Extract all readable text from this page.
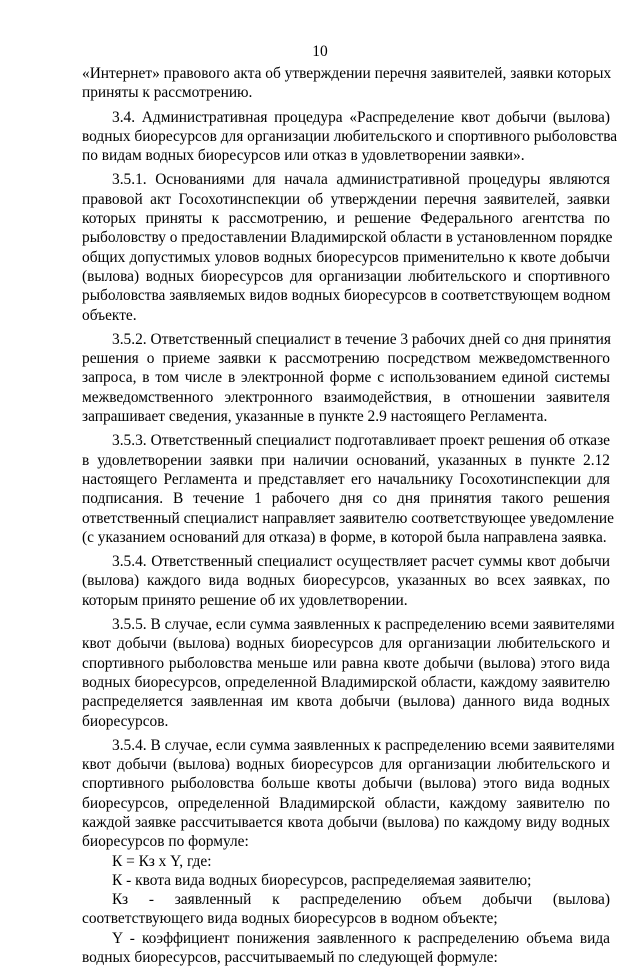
10
«Интернет» правового акта об утверждении перечня заявителей, заявки которых
приняты к рассмотрению.
3.4. Административная процедура «Распределение квот добычи (вылова)
водных биоресурсов для организации любительского и спортивного рыболовства
по видам водных биоресурсов или отказ в удовлетворении заявки».
3.5.1. Основаниями для начала административной процедуры являются
правовой акт Госохотинспекции об утверждении перечня заявителей, заявки
которых приняты к рассмотрению, и решение Федерального агентства по
рыболовству о предоставлении Владимирской области в установленном порядке
общих допустимых уловов водных биоресурсов применительно к квоте добычи
(вылова) водных биоресурсов для организации любительского и спортивного
рыболовства заявляемых видов водных биоресурсов в соответствующем водном
объекте.
3.5.2. Ответственный специалист в течение 3 рабочих дней со дня принятия
решения о приеме заявки к рассмотрению посредством межведомственного
запроса, в том числе в электронной форме с использованием единой системы
межведомственного электронного взаимодействия, в отношении заявителя
запрашивает сведения, указанные в пункте 2.9 настоящего Регламента.
3.5.3. Ответственный специалист подготавливает проект решения об отказе
в удовлетворении заявки при наличии оснований, указанных в пункте 2.12
настоящего Регламента и представляет его начальнику Госохотинспекции для
подписания. В течение 1 рабочего дня со дня принятия такого решения
ответственный специалист направляет заявителю соответствующее уведомление
(с указанием оснований для отказа) в форме, в которой была направлена заявка.
3.5.4. Ответственный специалист осуществляет расчет суммы квот добычи
(вылова) каждого вида водных биоресурсов, указанных во всех заявках, по
которым принято решение об их удовлетворении.
3.5.5. В случае, если сумма заявленных к распределению всеми заявителями
квот добычи (вылова) водных биоресурсов для организации любительского и
спортивного рыболовства меньше или равна квоте добычи (вылова) этого вида
водных биоресурсов, определенной Владимирской области, каждому заявителю
распределяется заявленная им квота добычи (вылова) данного вида водных
биоресурсов.
3.5.4. В случае, если сумма заявленных к распределению всеми заявителями
квот добычи (вылова) водных биоресурсов для организации любительского и
спортивного рыболовства больше квоты добычи (вылова) этого вида водных
биоресурсов, определенной Владимирской области, каждому заявителю по
каждой заявке рассчитывается квота добычи (вылова) по каждому виду водных
биоресурсов по формуле:
К = Кз х Y, где:
К - квота вида водных биоресурсов, распределяемая заявителю;
Кз - заявленный к распределению объем добычи (вылова)
соответствующего вида водных биоресурсов в водном объекте;
Y - коэффициент понижения заявленного к распределению объема вида
водных биоресурсов, рассчитываемый по следующей формуле:
